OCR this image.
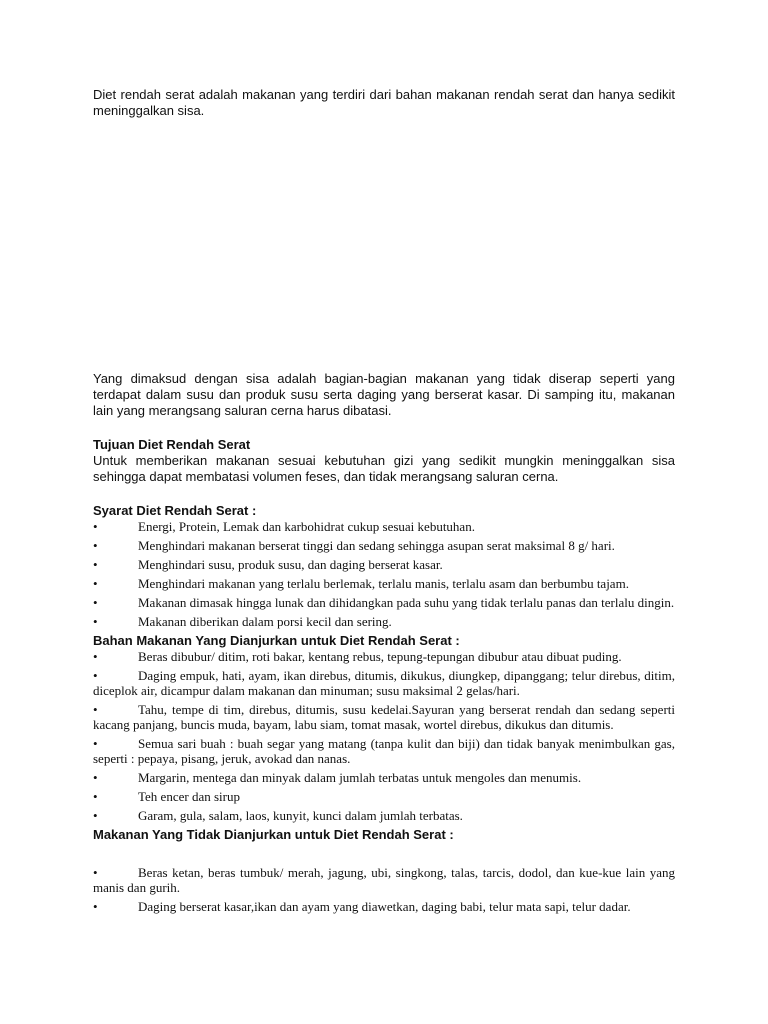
Diet rendah serat adalah makanan yang terdiri dari bahan makanan rendah serat dan hanya sedikit meninggalkan sisa.

Yang dimaksud dengan sisa adalah bagian-bagian makanan yang tidak diserap seperti yang terdapat dalam susu dan produk susu serta daging yang berserat kasar. Di samping itu, makanan lain yang merangsang saluran cerna harus dibatasi.

Tujuan Diet Rendah Serat

Untuk memberikan makanan sesuai kebutuhan gizi yang sedikit mungkin meninggalkan sisa sehingga dapat membatasi volumen feses, dan tidak merangsang saluran cerna.

Syarat Diet Rendah Serat :

•	Energi, Protein, Lemak dan karbohidrat cukup sesuai kebutuhan.
•	Menghindari makanan berserat tinggi dan sedang sehingga asupan serat maksimal 8 g/ hari.
•	Menghindari susu, produk susu, dan daging berserat kasar.
•	Menghindari makanan yang terlalu berlemak, terlalu manis, terlalu asam dan berbumbu tajam.
•	Makanan dimasak hingga lunak dan dihidangkan pada suhu yang tidak terlalu panas dan terlalu dingin.
•	Makanan diberikan dalam porsi kecil dan sering.

Bahan Makanan Yang Dianjurkan untuk Diet Rendah Serat :

•	Beras dibubur/ ditim, roti bakar, kentang rebus, tepung-tepungan dibubur atau dibuat puding.
•	Daging empuk, hati, ayam, ikan direbus, ditumis, dikukus, diungkep, dipanggang; telur direbus, ditim, diceplok air, dicampur dalam makanan dan minuman; susu maksimal 2 gelas/hari.
•	Tahu, tempe di tim, direbus, ditumis, susu kedelai.Sayuran yang berserat rendah dan sedang seperti kacang panjang, buncis muda, bayam, labu siam, tomat masak, wortel direbus, dikukus dan ditumis.
•	Semua sari buah : buah segar yang matang (tanpa kulit dan biji) dan tidak banyak menimbulkan gas, seperti : pepaya, pisang, jeruk, avokad dan nanas.
•	Margarin, mentega dan minyak dalam jumlah terbatas untuk mengoles dan menumis.
•	Teh encer dan sirup
•	Garam, gula, salam, laos, kunyit, kunci dalam jumlah terbatas.

Makanan Yang Tidak Dianjurkan untuk Diet Rendah Serat :

•	Beras ketan, beras tumbuk/ merah, jagung, ubi, singkong, talas, tarcis, dodol, dan kue-kue lain yang manis dan gurih.
•	Daging berserat kasar,ikan dan ayam yang diawetkan, daging babi, telur mata sapi, telur dadar.
